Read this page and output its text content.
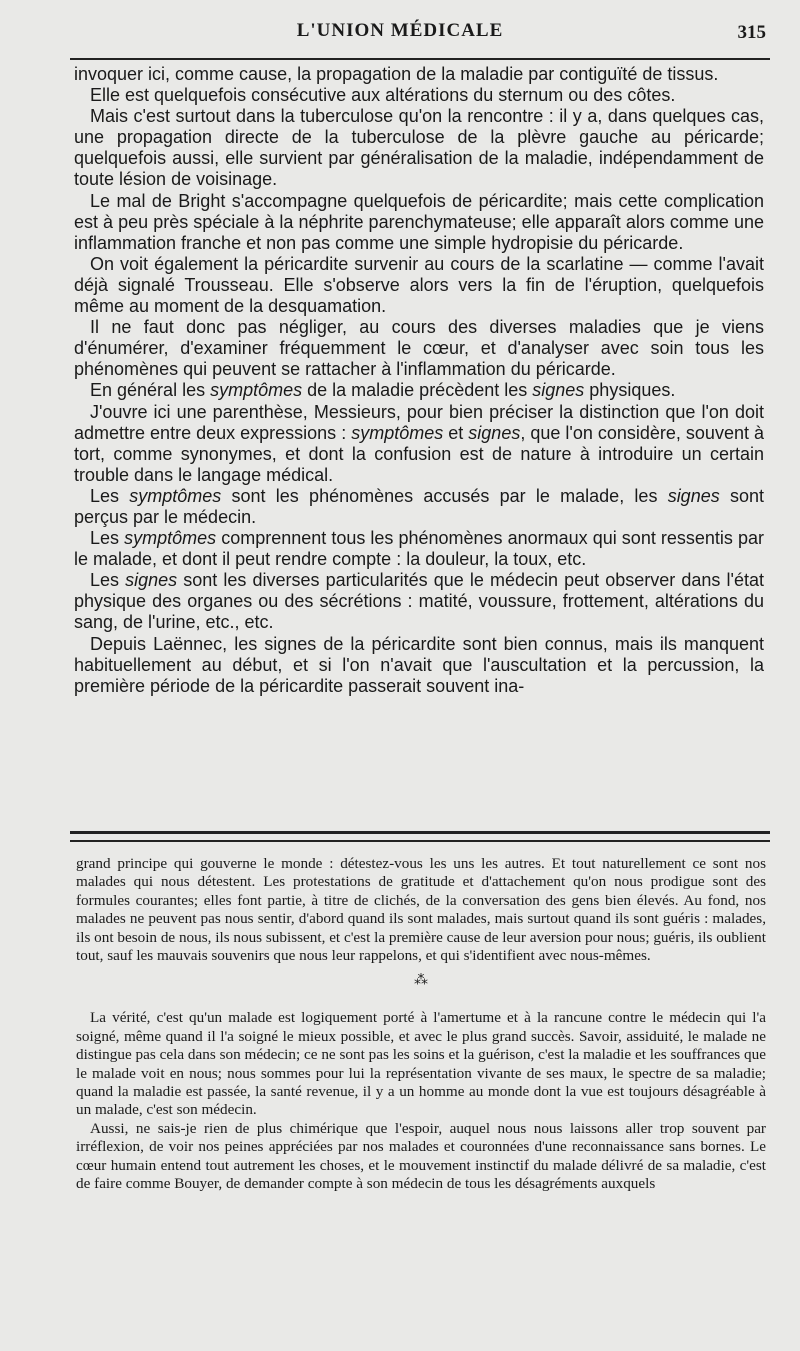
L'UNION MÉDICALE	315

invoquer ici, comme cause, la propagation de la maladie par contiguïté de tissus.

Elle est quelquefois consécutive aux altérations du sternum ou des côtes.

Mais c'est surtout dans la tuberculose qu'on la rencontre : il y a, dans quelques cas, une propagation directe de la tuberculose de la plèvre gauche au péricarde; quelquefois aussi, elle survient par généralisation de la maladie, indépendamment de toute lésion de voisinage.

Le mal de Bright s'accompagne quelquefois de péricardite; mais cette complication est à peu près spéciale à la néphrite parenchymateuse; elle apparaît alors comme une inflammation franche et non pas comme une simple hydropisie du péricarde.

On voit également la péricardite survenir au cours de la scarlatine — comme l'avait déjà signalé Trousseau. Elle s'observe alors vers la fin de l'éruption, quelquefois même au moment de la desquamation.

Il ne faut donc pas négliger, au cours des diverses maladies que je viens d'énumérer, d'examiner fréquemment le cœur, et d'analyser avec soin tous les phénomènes qui peuvent se rattacher à l'inflammation du péricarde.

En général les symptômes de la maladie précèdent les signes physiques.

J'ouvre ici une parenthèse, Messieurs, pour bien préciser la distinction que l'on doit admettre entre deux expressions : symptômes et signes, que l'on considère, souvent à tort, comme synonymes, et dont la confusion est de nature à introduire un certain trouble dans le langage médical.

Les symptômes sont les phénomènes accusés par le malade, les signes sont perçus par le médecin.

Les symptômes comprennent tous les phénomènes anormaux qui sont ressentis par le malade, et dont il peut rendre compte : la douleur, la toux, etc.

Les signes sont les diverses particularités que le médecin peut observer dans l'état physique des organes ou des sécrétions : matité, voussure, frottement, altérations du sang, de l'urine, etc., etc.

Depuis Laënnec, les signes de la péricardite sont bien connus, mais ils manquent habituellement au début, et si l'on n'avait que l'auscultation et la percussion, la première période de la péricardite passerait souvent ina-

grand principe qui gouverne le monde : détestez-vous les uns les autres. Et tout naturellement ce sont nos malades qui nous détestent. Les protestations de gratitude et d'attachement qu'on nous prodigue sont des formules courantes; elles font partie, à titre de clichés, de la conversation des gens bien élevés. Au fond, nos malades ne peuvent pas nous sentir, d'abord quand ils sont malades, mais surtout quand ils sont guéris : malades, ils ont besoin de nous, ils nous subissent, et c'est la première cause de leur aversion pour nous; guéris, ils oublient tout, sauf les mauvais souvenirs que nous leur rappelons, et qui s'identifient avec nous-mêmes.

⁂

La vérité, c'est qu'un malade est logiquement porté à l'amertume et à la rancune contre le médecin qui l'a soigné, même quand il l'a soigné le mieux possible, et avec le plus grand succès. Savoir, assiduité, le malade ne distingue pas cela dans son médecin; ce ne sont pas les soins et la guérison, c'est la maladie et les souffrances que le malade voit en nous; nous sommes pour lui la représentation vivante de ses maux, le spectre de sa maladie; quand la maladie est passée, la santé revenue, il y a un homme au monde dont la vue est toujours désagréable à un malade, c'est son médecin.

Aussi, ne sais-je rien de plus chimérique que l'espoir, auquel nous nous laissons aller trop souvent par irréflexion, de voir nos peines appréciées par nos malades et couronnées d'une reconnaissance sans bornes. Le cœur humain entend tout autrement les choses, et le mouvement instinctif du malade délivré de sa maladie, c'est de faire comme Bouyer, de demander compte à son médecin de tous les désagréments auxquels
